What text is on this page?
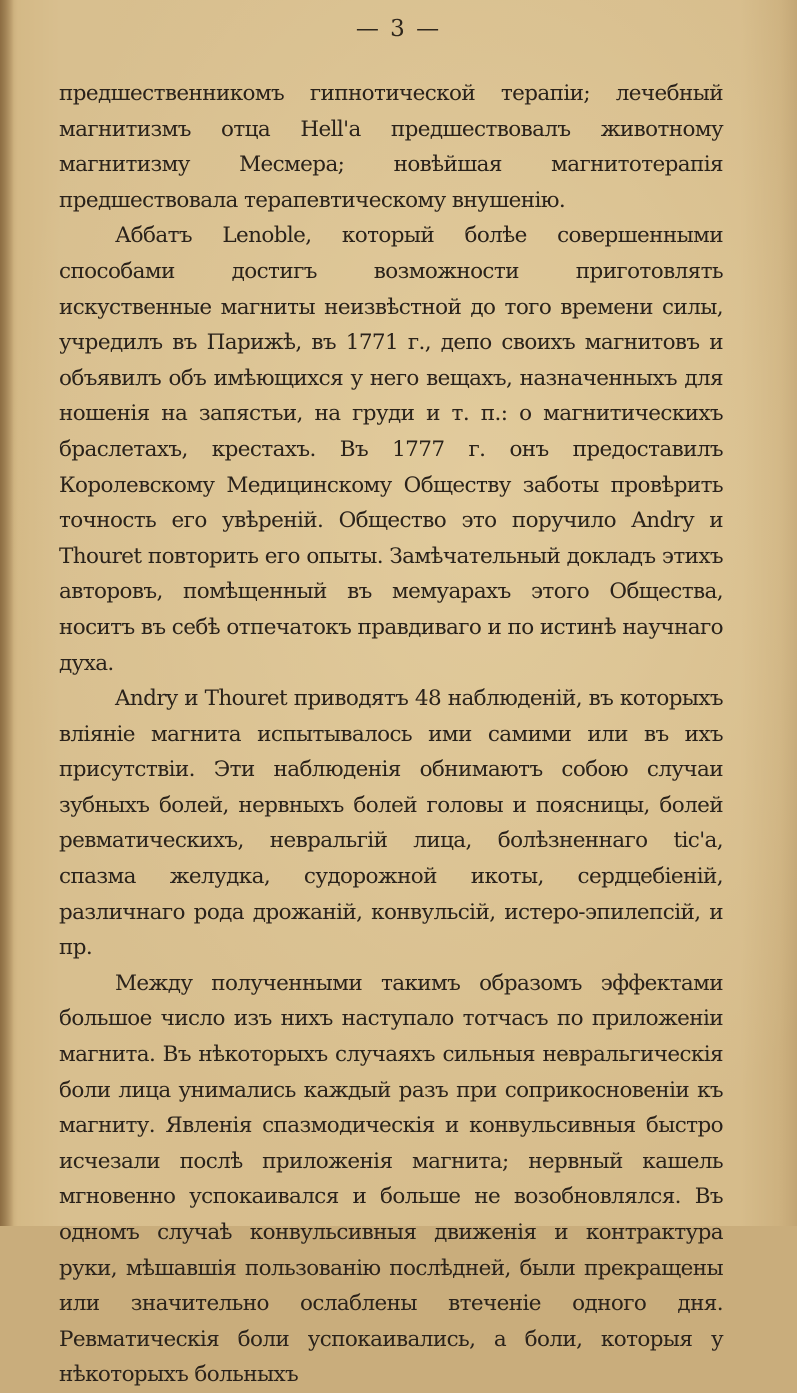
— 3 —

предшественникомъ гипнотической терапіи; лечебный магнитизмъ отца Hell'а предшествовалъ животному магнитизму Месмера; новѣйшая магнитотерапія предшествовала терапевтическому внушенію.

Аббатъ Lenoble, который болѣе совершенными способами достигъ возможности приготовлять искуственные магниты неизвѣстной до того времени силы, учредилъ въ Парижѣ, въ 1771 г., депо своихъ магнитовъ и объявилъ объ имѣющихся у него вещахъ, назначенныхъ для ношенія на запястьи, на груди и т. п.: о магнитическихъ браслетахъ, крестахъ. Въ 1777 г. онъ предоставилъ Королевскому Медицинскому Обществу заботы провѣрить точность его увѣреній. Общество это поручило Andry и Thouret повторить его опыты. Замѣчательный докладъ этихъ авторовъ, помѣщенный въ мемуарахъ этого Общества, носитъ въ себѣ отпечатокъ правдиваго и по истинѣ научнаго духа.

Andry и Thouret приводятъ 48 наблюденій, въ которыхъ вліяніе магнита испытывалось ими самими или въ ихъ присутствіи. Эти наблюденія обнимаютъ собою случаи зубныхъ болей, нервныхъ болей головы и поясницы, болей ревматическихъ, невральгій лица, болѣзненнаго tic'а, спазма желудка, судорожной икоты, сердцебіеній, различнаго рода дрожаній, конвульсій, истеро-эпилепсій, и пр.

Между полученными такимъ образомъ эффектами большое число изъ нихъ наступало тотчасъ по приложеніи магнита. Въ нѣкоторыхъ случаяхъ сильныя невральгическія боли лица унимались каждый разъ при соприкосновеніи къ магниту. Явленія спазмодическія и конвульсивныя быстро исчезали послѣ приложенія магнита; нервный кашель мгновенно успокаивался и больше не возобновлялся. Въ одномъ случаѣ конвульсивныя движенія и контрактура руки, мѣшавшія пользованію послѣдней, были прекращены или значительно ослаблены втеченіе одного дня. Ревматическія боли успокаивались, а боли, которыя у нѣкоторыхъ больныхъ
